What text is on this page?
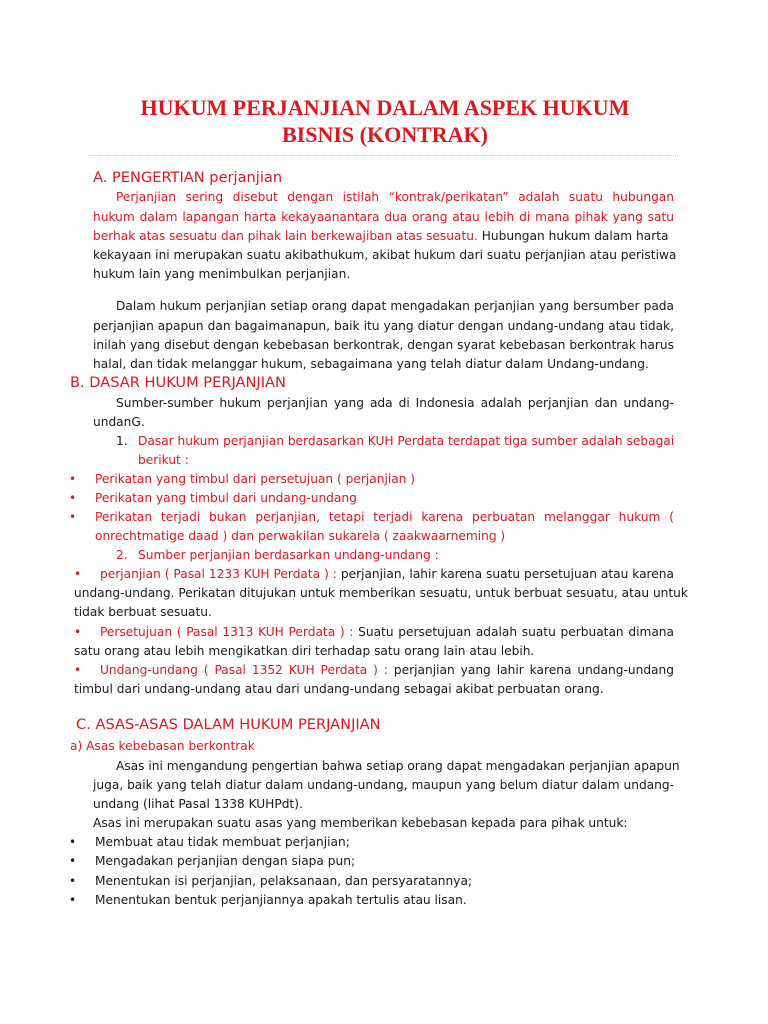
HUKUM PERJANJIAN DALAM ASPEK HUKUM
BISNIS (KONTRAK)
A. PENGERTIAN perjanjian
Perjanjian sering disebut dengan istilah “kontrak/perikatan” adalah suatu hubungan
hukum dalam lapangan harta kekayaanantara dua orang atau lebih di mana pihak yang satu
berhak atas sesuatu dan pihak lain berkewajiban atas sesuatu. Hubungan hukum dalam harta
kekayaan ini merupakan suatu akibathukum, akibat hukum dari suatu perjanjian atau peristiwa
hukum lain yang menimbulkan perjanjian.
Dalam hukum perjanjian setiap orang dapat mengadakan perjanjian yang bersumber pada
perjanjian apapun dan bagaimanapun, baik itu yang diatur dengan undang-undang atau tidak,
inilah yang disebut dengan kebebasan berkontrak, dengan syarat kebebasan berkontrak harus
halal, dan tidak melanggar hukum, sebagaimana yang telah diatur dalam Undang-undang.
B. DASAR HUKUM PERJANJIAN
Sumber-sumber hukum perjanjian yang ada di Indonesia adalah perjanjian dan undang-
undanG.
1. Dasar hukum perjanjian berdasarkan KUH Perdata terdapat tiga sumber adalah sebagai
berikut :
• Perikatan yang timbul dari persetujuan ( perjanjian )
• Perikatan yang timbul dari undang-undang
• Perikatan terjadi bukan perjanjian, tetapi terjadi karena perbuatan melanggar hukum (
onrechtmatige daad ) dan perwakilan sukarela ( zaakwaarneming )
2. Sumber perjanjian berdasarkan undang-undang :
• perjanjian ( Pasal 1233 KUH Perdata ) : perjanjian, lahir karena suatu persetujuan atau karena
undang-undang. Perikatan ditujukan untuk memberikan sesuatu, untuk berbuat sesuatu, atau untuk
tidak berbuat sesuatu.
• Persetujuan ( Pasal 1313 KUH Perdata ) : Suatu persetujuan adalah suatu perbuatan dimana
satu orang atau lebih mengikatkan diri terhadap satu orang lain atau lebih.
• Undang-undang ( Pasal 1352 KUH Perdata ) : perjanjian yang lahir karena undang-undang
timbul dari undang-undang atau dari undang-undang sebagai akibat perbuatan orang.
C. ASAS-ASAS DALAM HUKUM PERJANJIAN
a) Asas kebebasan berkontrak
Asas ini mengandung pengertian bahwa setiap orang dapat mengadakan perjanjian apapun
juga, baik yang telah diatur dalam undang-undang, maupun yang belum diatur dalam undang-
undang (lihat Pasal 1338 KUHPdt).
Asas ini merupakan suatu asas yang memberikan kebebasan kepada para pihak untuk:
• Membuat atau tidak membuat perjanjian;
• Mengadakan perjanjian dengan siapa pun;
• Menentukan isi perjanjian, pelaksanaan, dan persyaratannya;
• Menentukan bentuk perjanjiannya apakah tertulis atau lisan.
